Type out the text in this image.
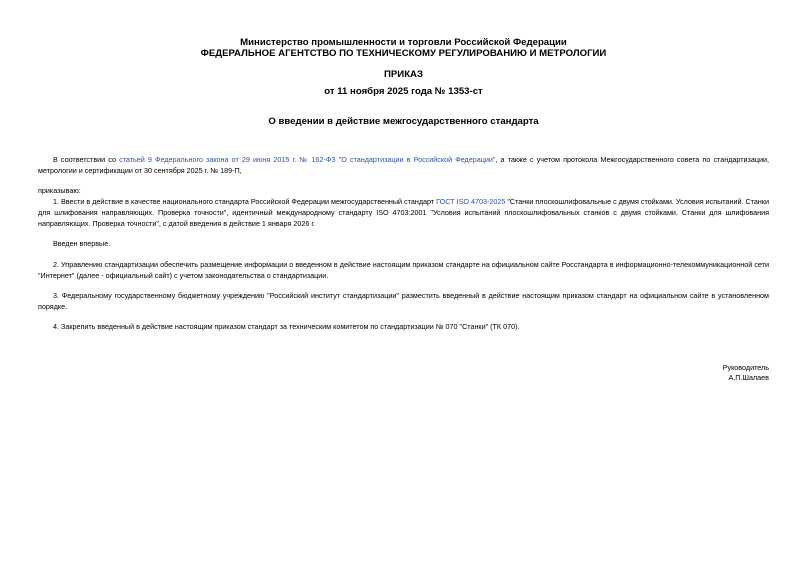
Министерство промышленности и торговли Российской Федерации
ФЕДЕРАЛЬНОЕ АГЕНТСТВО ПО ТЕХНИЧЕСКОМУ РЕГУЛИРОВАНИЮ И МЕТРОЛОГИИ
ПРИКАЗ
от 11 ноября 2025 года № 1353-ст
О введении в действие межгосударственного стандарта
В соответствии со статьей 9 Федерального закона от 29 июня 2015 г. № 162-ФЗ "О стандартизации в Российской Федерации", а также с учетом протокола Межгосударственного совета по стандартизации, метрологии и сертификации от 30 сентября 2025 г. № 189-П,
приказываю:
1. Ввести в действие в качестве национального стандарта Российской Федерации межгосударственный стандарт ГОСТ ISO 4703-2025 "Станки плоскошлифовальные с двумя стойками. Условия испытаний. Станки для шлифования направляющих. Проверка точности", идентичный международному стандарту ISO 4703:2001 "Условия испытаний плоскошлифовальных станков с двумя стойками. Станки для шлифования направляющих. Проверка точности", с датой введения в действие 1 января 2026 г.
Введен впервые.
2. Управлению стандартизации обеспечить размещение информации о введенном в действие настоящим приказом стандарте на официальном сайте Росстандарта в информационно-телекоммуникационной сети "Интернет" (далее - официальный сайт) с учетом законодательства о стандартизации.
3. Федеральному государственному бюджетному учреждению "Российский институт стандартизации" разместить введенный в действие настоящим приказом стандарт на официальном сайте в установленном порядке.
4. Закрепить введенный в действие настоящим приказом стандарт за техническим комитетом по стандартизации № 070 "Станки" (ТК 070).
Руководитель
А.П.Шалаев
